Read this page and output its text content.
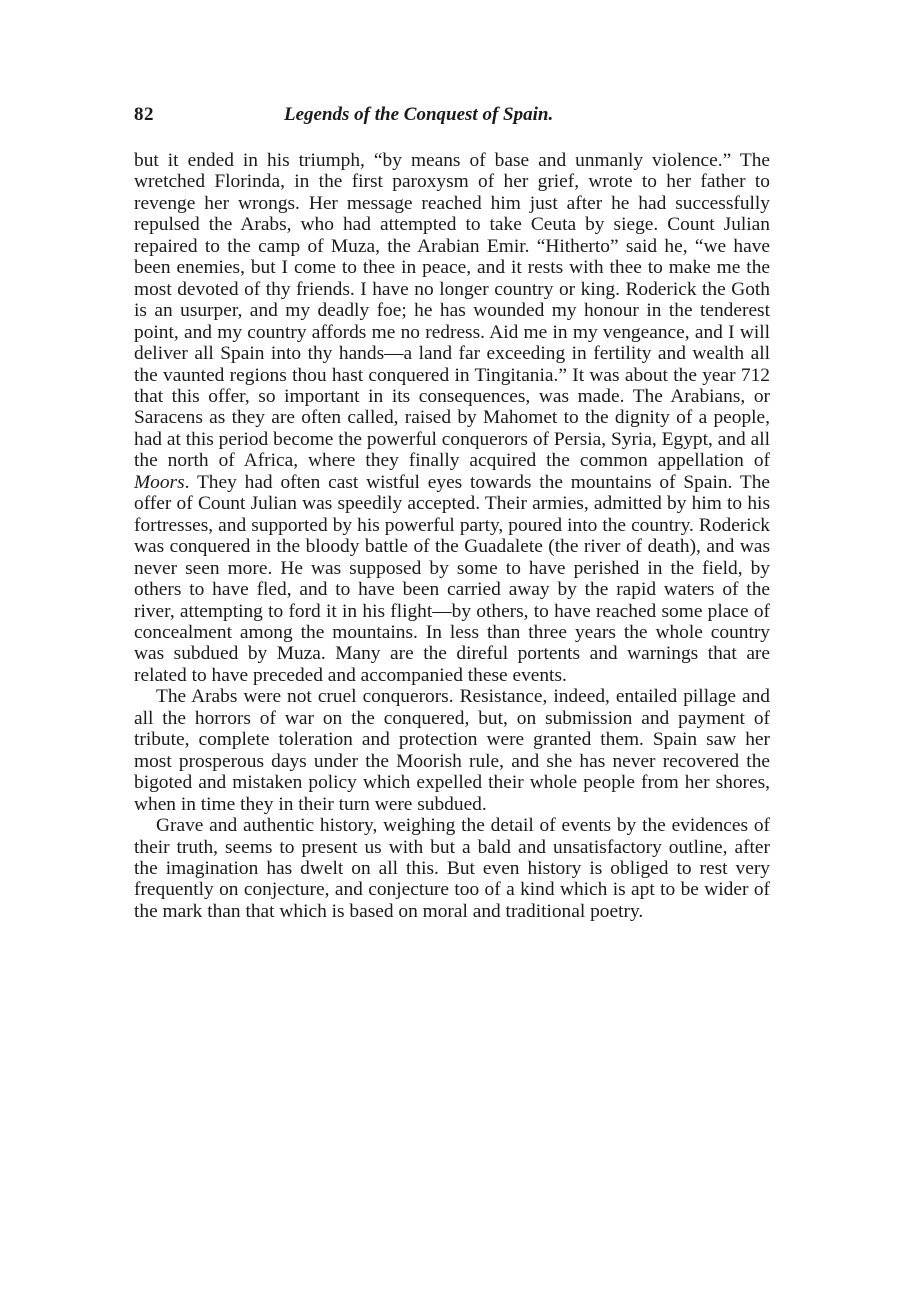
82	Legends of the Conquest of Spain.

but it ended in his triumph, “by means of base and unmanly violence.” The wretched Florinda, in the first paroxysm of her grief, wrote to her father to revenge her wrongs. Her message reached him just after he had successfully repulsed the Arabs, who had attempted to take Ceuta by siege. Count Julian repaired to the camp of Muza, the Arabian Emir. “Hitherto” said he, “we have been enemies, but I come to thee in peace, and it rests with thee to make me the most devoted of thy friends. I have no longer country or king. Roderick the Goth is an usurper, and my deadly foe; he has wounded my honour in the tenderest point, and my country affords me no redress. Aid me in my vengeance, and I will deliver all Spain into thy hands—a land far exceeding in fertility and wealth all the vaunted regions thou hast conquered in Tingitania.” It was about the year 712 that this offer, so important in its consequences, was made. The Arabians, or Saracens as they are often called, raised by Mahomet to the dignity of a people, had at this period become the powerful conquerors of Persia, Syria, Egypt, and all the north of Africa, where they finally acquired the common appellation of Moors. They had often cast wistful eyes towards the mountains of Spain. The offer of Count Julian was speedily accepted. Their armies, admitted by him to his fortresses, and supported by his powerful party, poured into the country. Roderick was conquered in the bloody battle of the Guadalete (the river of death), and was never seen more. He was supposed by some to have perished in the field, by others to have fled, and to have been carried away by the rapid waters of the river, attempting to ford it in his flight—by others, to have reached some place of concealment among the mountains. In less than three years the whole country was subdued by Muza. Many are the direful portents and warnings that are related to have preceded and accompanied these events.

The Arabs were not cruel conquerors. Resistance, indeed, entailed pillage and all the horrors of war on the conquered, but, on submission and payment of tribute, complete toleration and protection were granted them. Spain saw her most prosperous days under the Moorish rule, and she has never recovered the bigoted and mistaken policy which expelled their whole people from her shores, when in time they in their turn were subdued.

Grave and authentic history, weighing the detail of events by the evidences of their truth, seems to present us with but a bald and unsatisfactory outline, after the imagination has dwelt on all this. But even history is obliged to rest very frequently on conjecture, and conjecture too of a kind which is apt to be wider of the mark than that which is based on moral and traditional poetry.
